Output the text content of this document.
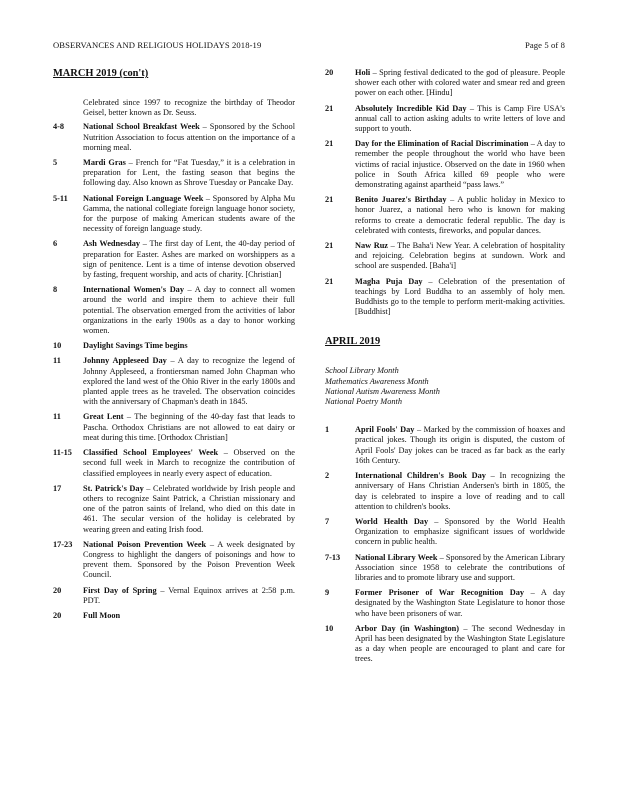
OBSERVANCES AND RELIGIOUS HOLIDAYS 2018-19	Page 5 of 8
MARCH 2019 (con't)
Celebrated since 1997 to recognize the birthday of Theodor Geisel, better known as Dr. Seuss.
4-8	National School Breakfast Week – Sponsored by the School Nutrition Association to focus attention on the importance of a morning meal.
5	Mardi Gras – French for “Fat Tuesday,” it is a celebration in preparation for Lent, the fasting season that begins the following day. Also known as Shrove Tuesday or Pancake Day.
5-11	National Foreign Language Week – Sponsored by Alpha Mu Gamma, the national collegiate foreign language honor society, for the purpose of making American students aware of the necessity of foreign language study.
6	Ash Wednesday – The first day of Lent, the 40-day period of preparation for Easter. Ashes are marked on worshippers as a sign of penitence. Lent is a time of intense devotion observed by fasting, frequent worship, and acts of charity. [Christian]
8	International Women's Day – A day to connect all women around the world and inspire them to achieve their full potential. The observation emerged from the activities of labor organizations in the early 1900s as a day to honor working women.
10	Daylight Savings Time begins
11	Johnny Appleseed Day – A day to recognize the legend of Johnny Appleseed, a frontiersman named John Chapman who explored the land west of the Ohio River in the early 1800s and planted apple trees as he traveled. The observation coincides with the anniversary of Chapman's death in 1845.
11	Great Lent – The beginning of the 40-day fast that leads to Pascha. Orthodox Christians are not allowed to eat dairy or meat during this time. [Orthodox Christian]
11-15	Classified School Employees' Week – Observed on the second full week in March to recognize the contribution of classified employees in nearly every aspect of education.
17	St. Patrick's Day – Celebrated worldwide by Irish people and others to recognize Saint Patrick, a Christian missionary and one of the patron saints of Ireland, who died on this date in 461. The secular version of the holiday is celebrated by wearing green and eating Irish food.
17-23	National Poison Prevention Week – A week designated by Congress to highlight the dangers of poisonings and how to prevent them. Sponsored by the Poison Prevention Week Council.
20	First Day of Spring – Vernal Equinox arrives at 2:58 p.m. PDT.
20	Full Moon
20	Holi – Spring festival dedicated to the god of pleasure. People shower each other with colored water and smear red and green power on each other. [Hindu]
21	Absolutely Incredible Kid Day – This is Camp Fire USA's annual call to action asking adults to write letters of love and support to youth.
21	Day for the Elimination of Racial Discrimination – A day to remember the people throughout the world who have been victims of racial injustice. Observed on the date in 1960 when police in South Africa killed 69 people who were demonstrating against apartheid “pass laws.”
21	Benito Juarez's Birthday – A public holiday in Mexico to honor Juarez, a national hero who is known for making reforms to create a democratic federal republic. The day is celebrated with contests, fireworks, and popular dances.
21	Naw Ruz – The Baha'i New Year. A celebration of hospitality and rejoicing. Celebration begins at sundown. Work and school are suspended. [Baha'i]
21	Magha Puja Day – Celebration of the presentation of teachings by Lord Buddha to an assembly of holy men. Buddhists go to the temple to perform merit-making activities. [Buddhist]
APRIL 2019
School Library Month
Mathematics Awareness Month
National Autism Awareness Month
National Poetry Month
1	April Fools' Day – Marked by the commission of hoaxes and practical jokes. Though its origin is disputed, the custom of April Fools' Day jokes can be traced as far back as the early 16th Century.
2	International Children's Book Day – In recognizing the anniversary of Hans Christian Andersen's birth in 1805, the day is celebrated to inspire a love of reading and to call attention to children's books.
7	World Health Day – Sponsored by the World Health Organization to emphasize significant issues of worldwide concern in public health.
7-13	National Library Week – Sponsored by the American Library Association since 1958 to celebrate the contributions of libraries and to promote library use and support.
9	Former Prisoner of War Recognition Day – A day designated by the Washington State Legislature to honor those who have been prisoners of war.
10	Arbor Day (in Washington) – The second Wednesday in April has been designated by the Washington State Legislature as a day when people are encouraged to plant and care for trees.
